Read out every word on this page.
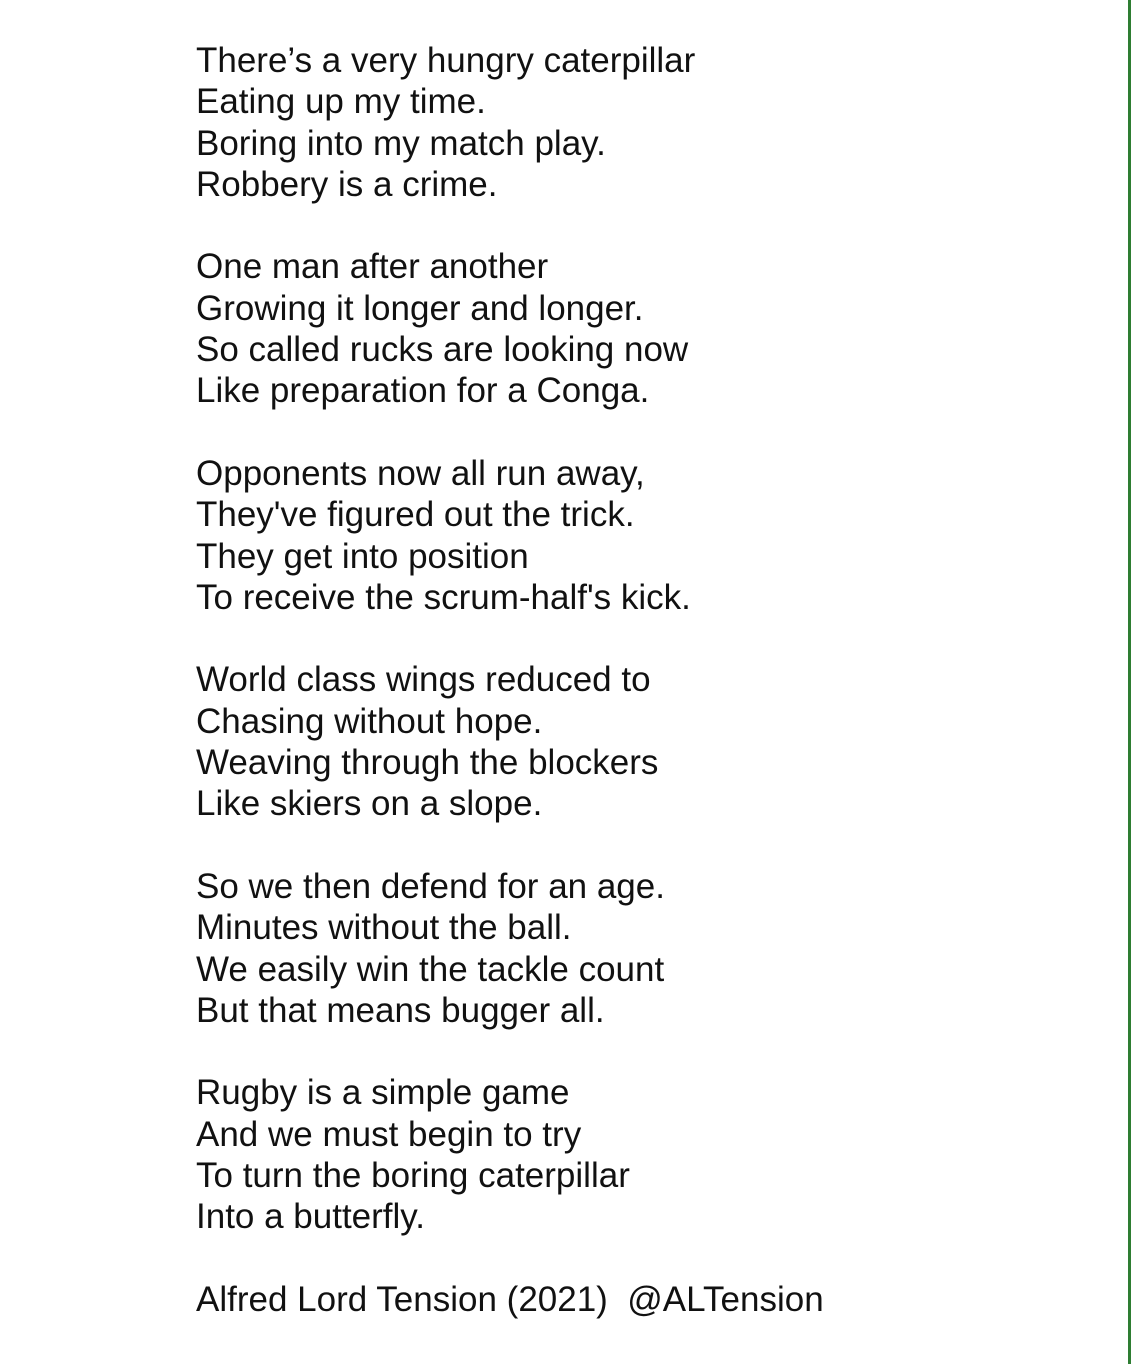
There’s a very hungry caterpillar
Eating up my time.
Boring into my match play.
Robbery is a crime.
One man after another
Growing it longer and longer.
So called rucks are looking now
Like preparation for a Conga.
Opponents now all run away,
They've figured out the trick.
They get into position
To receive the scrum-half's kick.
World class wings reduced to
Chasing without hope.
Weaving through the blockers
Like skiers on a slope.
So we then defend for an age.
Minutes without the ball.
We easily win the tackle count
But that means bugger all.
Rugby is a simple game
And we must begin to try
To turn the boring caterpillar
Into a butterfly.
Alfred Lord Tension (2021)  @ALTension
